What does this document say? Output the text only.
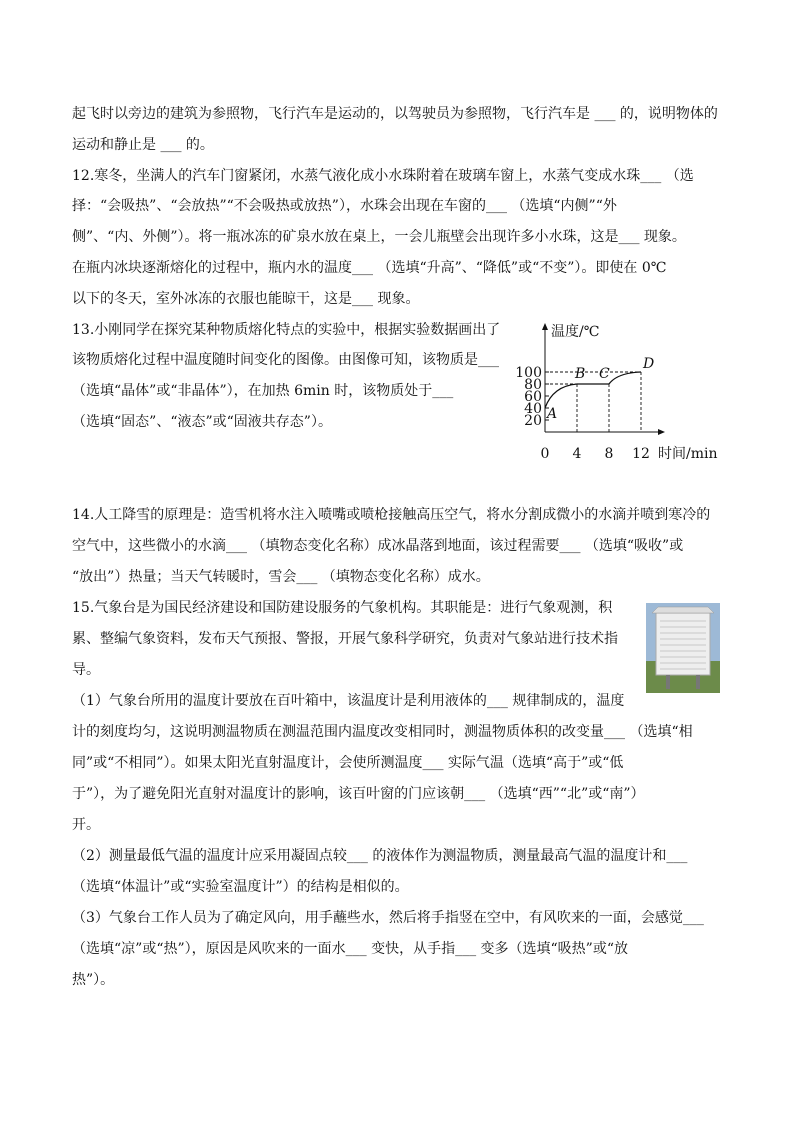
起飞时以旁边的建筑为参照物，飞行汽车是运动的，以驾驶员为参照物，飞行汽车是 ___ 的，说明物体的
运动和静止是 ___ 的。
12.寒冬，坐满人的汽车门窗紧闭，水蒸气液化成小水珠附着在玻璃车窗上，水蒸气变成水珠___ （选
择：“会吸热”、“会放热”“不会吸热或放热”），水珠会出现在车窗的___ （选填“内侧”“外
侧”、“内、外侧”）。将一瓶冰冻的矿泉水放在桌上，一会儿瓶壁会出现许多小水珠，这是___ 现象。
在瓶内冰块逐渐熔化的过程中，瓶内水的温度___ （选填“升高”、“降低”或“不变”）。即使在 0℃
以下的冬天，室外冰冻的衣服也能晾干，这是___ 现象。
13.小刚同学在探究某种物质熔化特点的实验中，根据实验数据画出了
该物质熔化过程中温度随时间变化的图像。由图像可知，该物质是___
（选填“晶体”或“非晶体”），在加热 6min 时，该物质处于___
（选填“固态”、“液态”或“固液共存态”）。
14.人工降雪的原理是：造雪机将水注入喷嘴或喷枪接触高压空气，将水分割成微小的水滴并喷到寒冷的
空气中，这些微小的水滴___ （填物态变化名称）成冰晶落到地面，该过程需要___ （选填“吸收”或
“放出”）热量；当天气转暖时，雪会___ （填物态变化名称）成水。
15.气象台是为国民经济建设和国防建设服务的气象机构。其职能是：进行气象观测，积
累、整编气象资料，发布天气预报、警报，开展气象科学研究，负责对气象站进行技术指
导。
（1）气象台所用的温度计要放在百叶箱中，该温度计是利用液体的___ 规律制成的，温度
计的刻度均匀，这说明测温物质在测温范围内温度改变相同时，测温物质体积的改变量___ （选填“相
同”或“不相同”）。如果太阳光直射温度计，会使所测温度___ 实际气温（选填“高于”或“低
于”），为了避免阳光直射对温度计的影响，该百叶窗的门应该朝___ （选填“西”“北”或“南”）
开。
（2）测量最低气温的温度计应采用凝固点较___ 的液体作为测温物质，测量最高气温的温度计和___
（选填“体温计”或“实验室温度计”）的结构是相似的。
（3）气象台工作人员为了确定风向，用手蘸些水，然后将手指竖在空中，有风吹来的一面，会感觉___
（选填“凉”或“热”），原因是风吹来的一面水___ 变快，从手指___ 变多（选填“吸热”或“放
热”）。
温度/℃
时间/min
20
40
60
80
100
0 4 8 12
A
B C
D
